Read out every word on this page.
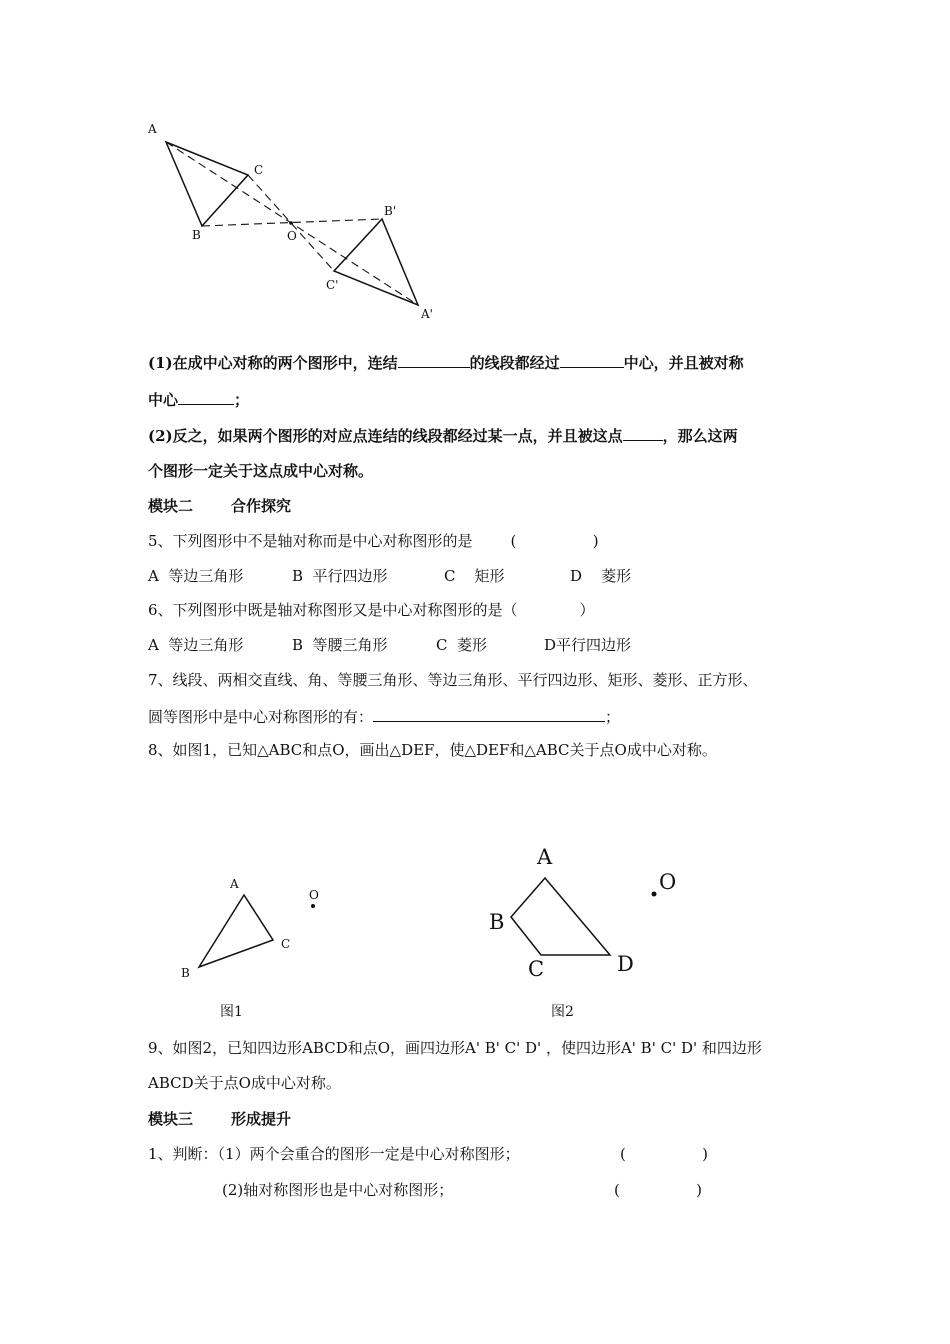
A
B
C
O
B'
C'
A'
(1)在成中心对称的两个图形中，连结	的线段都经过	中心，并且被对称
中心	；
(2)反之，如果两个图形的对应点连结的线段都经过某一点，并且被这点	，那么这两
个图形一定关于这点成中心对称。
模块二	合作探究
5、下列图形中不是轴对称而是中心对称图形的是	(                )
A  等边三角形	B  平行四边形	C    矩形	D    菱形
6、下列图形中既是轴对称图形又是中心对称图形的是（             ）
A  等边三角形	B  等腰三角形	C  菱形	D平行四边形
7、线段、两相交直线、角、等腰三角形、等边三角形、平行四边形、矩形、菱形、正方形、
圆等图形中是中心对称图形的有：	；
8、如图1，已知△ABC和点O，画出△DEF，使△DEF和△ABC关于点O成中心对称。
A
B
C
O
图1
A
B
C	D
O
图2
9、如图2，已知四边形ABCD和点O，画四边形A' B' C' D' ，使四边形A' B' C' D' 和四边形
ABCD关于点O成中心对称。
模块三	形成提升
1、判断：（1）两个会重合的图形一定是中心对称图形；	(                )
(2)轴对称图形也是中心对称图形；	(                )
